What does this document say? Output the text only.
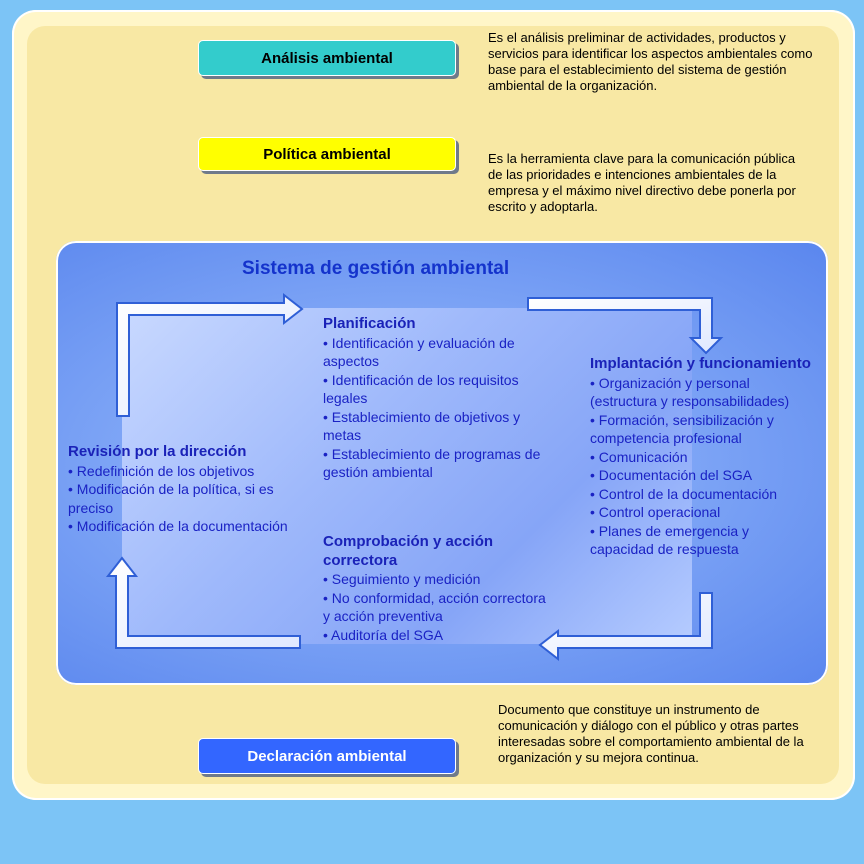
Análisis ambiental
Es el análisis preliminar de actividades, productos y servicios para identificar los aspectos ambientales como base para el establecimiento del sistema de gestión ambiental de la organización.
Política ambiental	Es la herramienta clave para la comunicación pública de las prioridades e intenciones ambientales de la empresa y el máximo nivel directivo debe ponerla por escrito y adoptarla.
Sistema de gestión ambiental
Planificación
• Identificación y evaluación de aspectos
• Identificación de los requisitos legales
• Establecimiento de objetivos y metas
• Establecimiento de programas de gestión ambiental
Implantación y funcionamiento
• Organización y personal (estructura y responsabilidades)
• Formación, sensibilización y competencia profesional
• Comunicación
• Documentación del SGA
• Control de la documentación
• Control operacional
• Planes de emergencia y capacidad de respuesta
Comprobación y acción correctora
• Seguimiento y medición
• No conformidad, acción correctora y acción preventiva
• Auditoría del SGA
Revisión por la dirección
• Redefinición de los objetivos
• Modificación de la política, si es preciso
• Modificación de la documentación
Declaración ambiental
Documento que constituye un instrumento de comunicación y diálogo con el público y otras partes interesadas sobre el comportamiento ambiental de la organización y su mejora continua.
